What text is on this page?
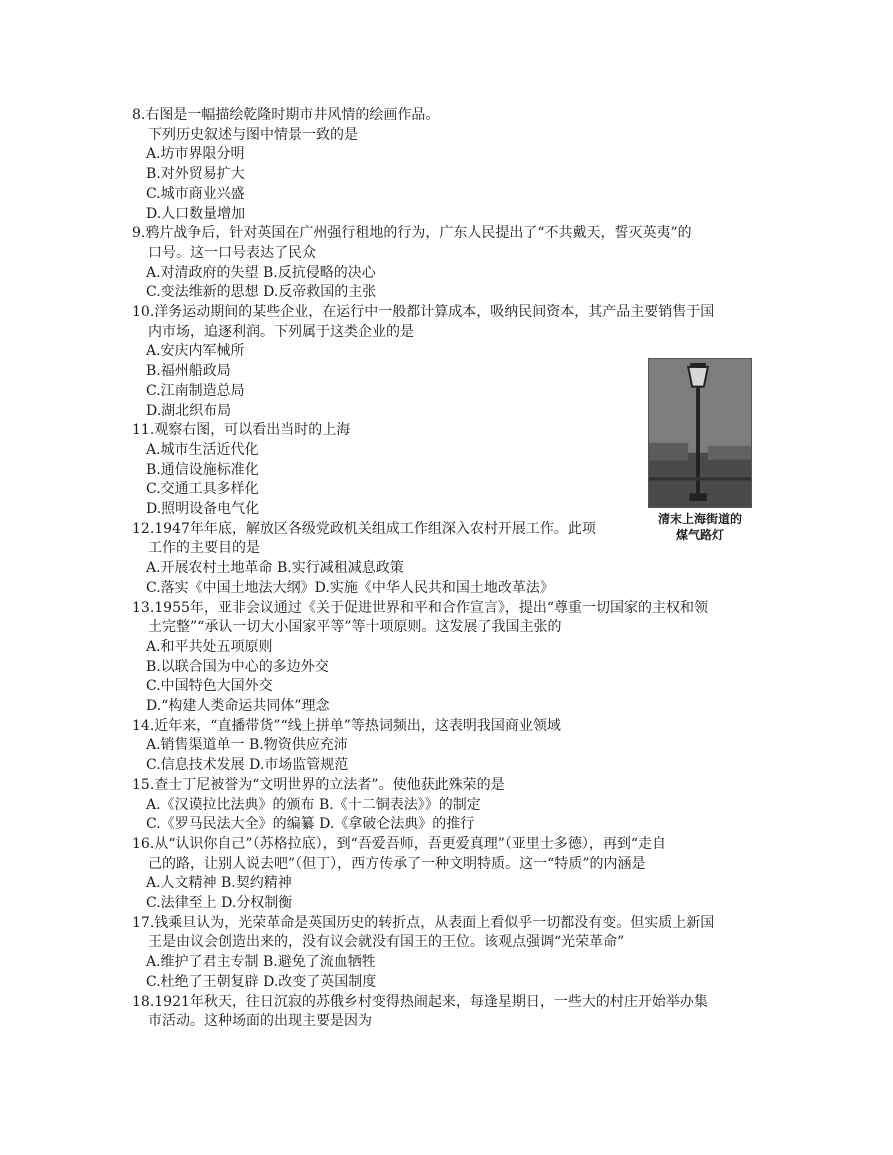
8.右图是一幅描绘乾隆时期市井风情的绘画作品。
下列历史叙述与图中情景一致的是
A.坊市界限分明
B.对外贸易扩大
C.城市商业兴盛
D.人口数量增加
9.鸦片战争后，针对英国在广州强行租地的行为，广东人民提出了“不共戴天，誓灭英夷”的
口号。这一口号表达了民众
A.对清政府的失望 B.反抗侵略的决心
C.变法维新的思想 D.反帝救国的主张
10.洋务运动期间的某些企业，在运行中一般都计算成本，吸纳民间资本，其产品主要销售于国
内市场，追逐利润。下列属于这类企业的是
A.安庆内军械所
B.福州船政局
C.江南制造总局
D.湖北织布局
11.观察右图，可以看出当时的上海
A.城市生活近代化
B.通信设施标准化
C.交通工具多样化
D.照明设备电气化
12.1947年年底，解放区各级党政机关组成工作组深入农村开展工作。此项
工作的主要目的是
A.开展农村土地革命 B.实行减租减息政策
C.落实《中国土地法大纲》D.实施《中华人民共和国土地改革法》
13.1955年，亚非会议通过《关于促进世界和平和合作宣言》，提出“尊重一切国家的主权和领
土完整”“承认一切大小国家平等”等十项原则。这发展了我国主张的
A.和平共处五项原则
B.以联合国为中心的多边外交
C.中国特色大国外交
D.“构建人类命运共同体”理念
14.近年来，“直播带货”“线上拼单”等热词频出，这表明我国商业领域
A.销售渠道单一 B.物资供应充沛
C.信息技术发展 D.市场监管规范
15.查士丁尼被誉为“文明世界的立法者”。使他获此殊荣的是
A.《汉谟拉比法典》的颁布 B.《十二铜表法》》的制定
C.《罗马民法大全》的编纂 D.《拿破仑法典》的推行
16.从“认识你自己”（苏格拉底），到“吾爱吾师，吾更爱真理”（亚里士多德），再到“走自
己的路，让别人说去吧”（但丁），西方传承了一种文明特质。这一“特质”的内涵是
A.人文精神 B.契约精神
C.法律至上 D.分权制衡
17.钱乘旦认为，光荣革命是英国历史的转折点，从表面上看似乎一切都没有变。但实质上新国
王是由议会创造出来的，没有议会就没有国王的王位。该观点强调“光荣革命”
A.维护了君主专制 B.避免了流血牺牲
C.杜绝了王朝复辟 D.改变了英国制度
18.1921年秋天，往日沉寂的苏俄乡村变得热闹起来，每逢星期日，一些大的村庄开始举办集
市活动。这种场面的出现主要是因为
清末上海街道的
煤气路灯
